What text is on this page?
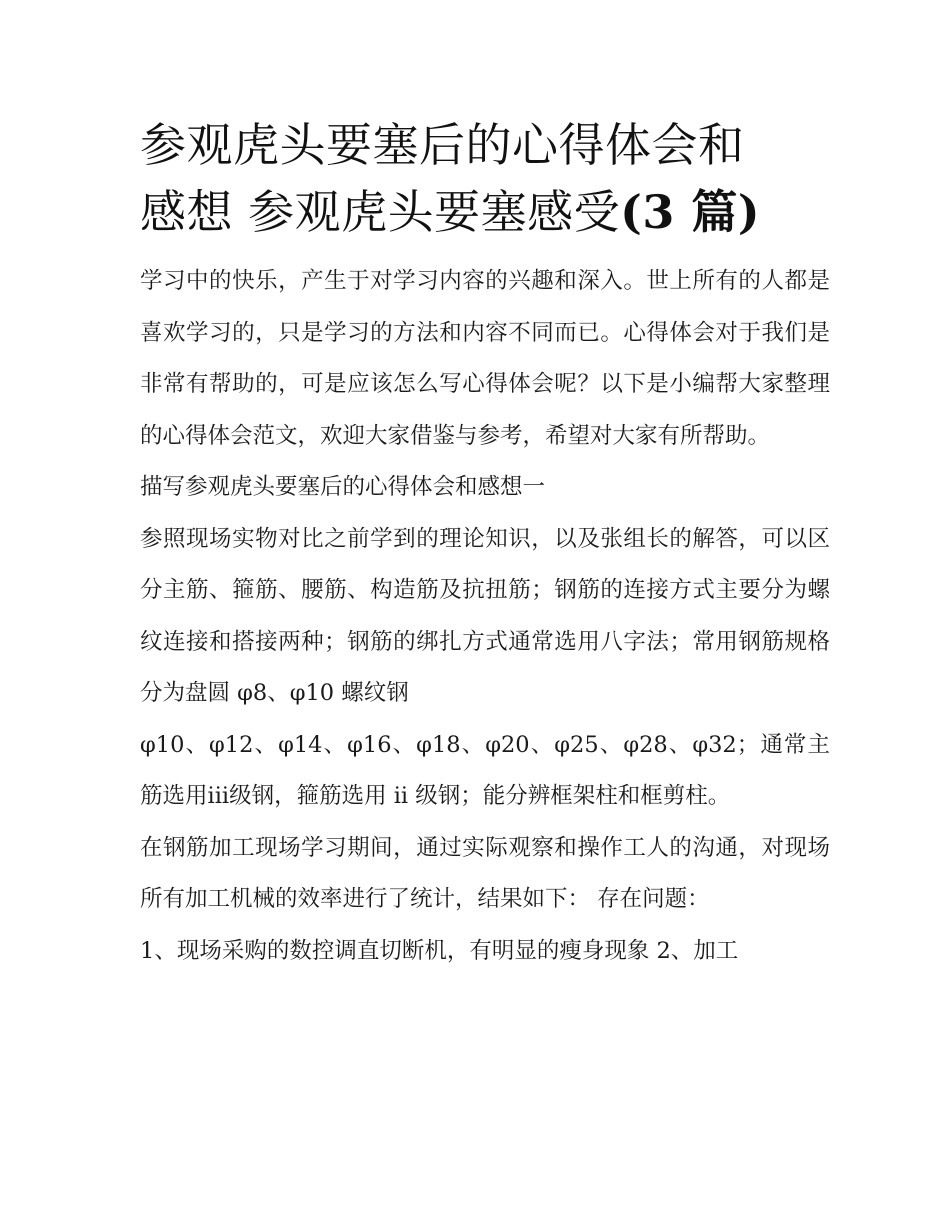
参观虎头要塞后的心得体会和
感想 参观虎头要塞感受(3 篇)

学习中的快乐，产生于对学习内容的兴趣和深入。世上所有的人都是喜欢学习的，只是学习的方法和内容不同而已。心得体会对于我们是非常有帮助的，可是应该怎么写心得体会呢？以下是小编帮大家整理的心得体会范文，欢迎大家借鉴与参考，希望对大家有所帮助。

描写参观虎头要塞后的心得体会和感想一

参照现场实物对比之前学到的理论知识，以及张组长的解答，可以区分主筋、箍筋、腰筋、构造筋及抗扭筋；钢筋的连接方式主要分为螺纹连接和搭接两种；钢筋的绑扎方式通常选用八字法；常用钢筋规格分为盘圆 φ8、φ10 螺纹钢

φ10、φ12、φ14、φ16、φ18、φ20、φ25、φ28、φ32；通常主筋选用iii级钢，箍筋选用 ii 级钢；能分辨框架柱和框剪柱。

在钢筋加工现场学习期间，通过实际观察和操作工人的沟通，对现场所有加工机械的效率进行了统计，结果如下： 存在问题：

1、现场采购的数控调直切断机，有明显的瘦身现象 2、加工
